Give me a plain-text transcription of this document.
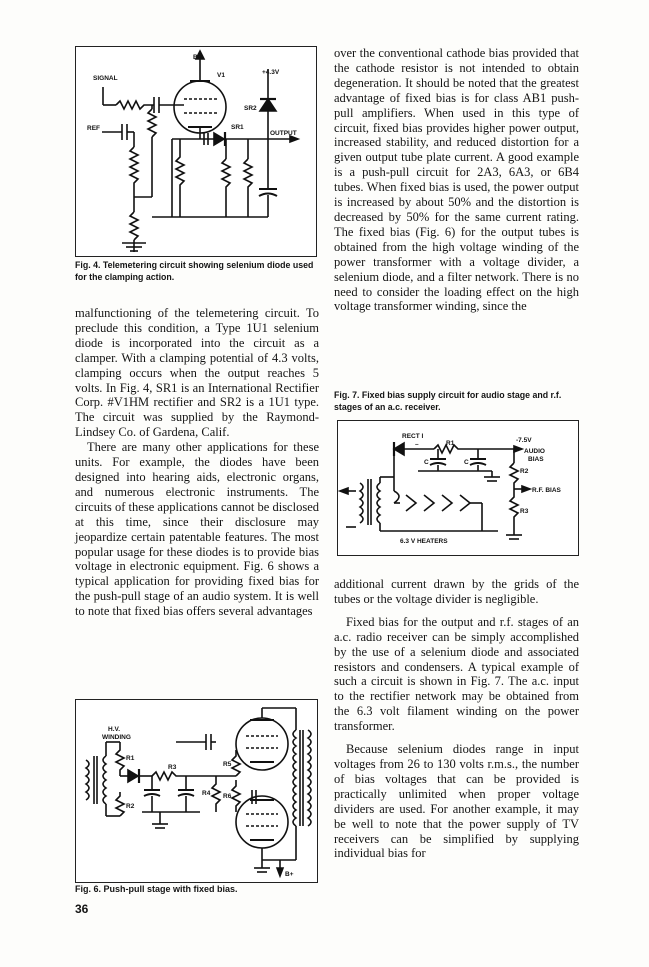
B+
SIGNAL	V1	+4.3V
SR2
REF	SR1
OUTPUT
Fig. 4. Telemetering circuit showing selenium diode used for the clamping action.

malfunctioning of the telemetering circuit. To preclude this condition, a Type 1U1 selenium diode is incorporated into the circuit as a clamper. With a clamping potential of 4.3 volts, clamping occurs when the output reaches 5 volts. In Fig. 4, SR1 is an International Rectifier Corp. #V1HM rectifier and SR2 is a 1U1 type. The circuit was supplied by the Raymond-Lindsey Co. of Gardena, Calif.

There are many other applications for these units. For example, the diodes have been designed into hearing aids, electronic organs, and numerous electronic instruments. The circuits of these applications cannot be disclosed at this time, since their disclosure may jeopardize certain patentable features. The most popular usage for these diodes is to provide bias voltage in electronic equipment. Fig. 6 shows a typical application for providing fixed bias for the push-pull stage of an audio system. It is well to note that fixed bias offers several advantages

H.V.
WINDING
R1
R3
R2
R5
R4 R6
B+
Fig. 6. Push-pull stage with fixed bias.
36

over the conventional cathode bias provided that the cathode resistor is not intended to obtain degeneration. It should be noted that the greatest advantage of fixed bias is for class AB1 push-pull amplifiers. When used in this type of circuit, fixed bias provides higher power output, increased stability, and reduced distortion for a given output tube plate current. A good example is a push-pull circuit for 2A3, 6A3, or 6B4 tubes. When fixed bias is used, the power output is increased by about 50% and the distortion is decreased by 50% for the same current rating. The fixed bias (Fig. 6) for the output tubes is obtained from the high voltage winding of the power transformer with a voltage divider, a selenium diode, and a filter network. There is no need to consider the loading effect on the high voltage transformer winding, since the

Fig. 7. Fixed bias supply circuit for audio stage and r.f. stages of an a.c. receiver.
RECT I
–	R1	-7.5V
AUDIO
BIAS
C	C
R2
R.F. BIAS
R3
6.3 V HEATERS

additional current drawn by the grids of the tubes or the voltage divider is negligible.

Fixed bias for the output and r.f. stages of an a.c. radio receiver can be simply accomplished by the use of a selenium diode and associated resistors and condensers. A typical example of such a circuit is shown in Fig. 7. The a.c. input to the rectifier network may be obtained from the 6.3 volt filament winding on the power transformer.

Because selenium diodes range in input voltages from 26 to 130 volts r.m.s., the number of bias voltages that can be provided is practically unlimited when proper voltage dividers are used. For another example, it may be well to note that the power supply of TV receivers can be simplified by supplying individual bias for
